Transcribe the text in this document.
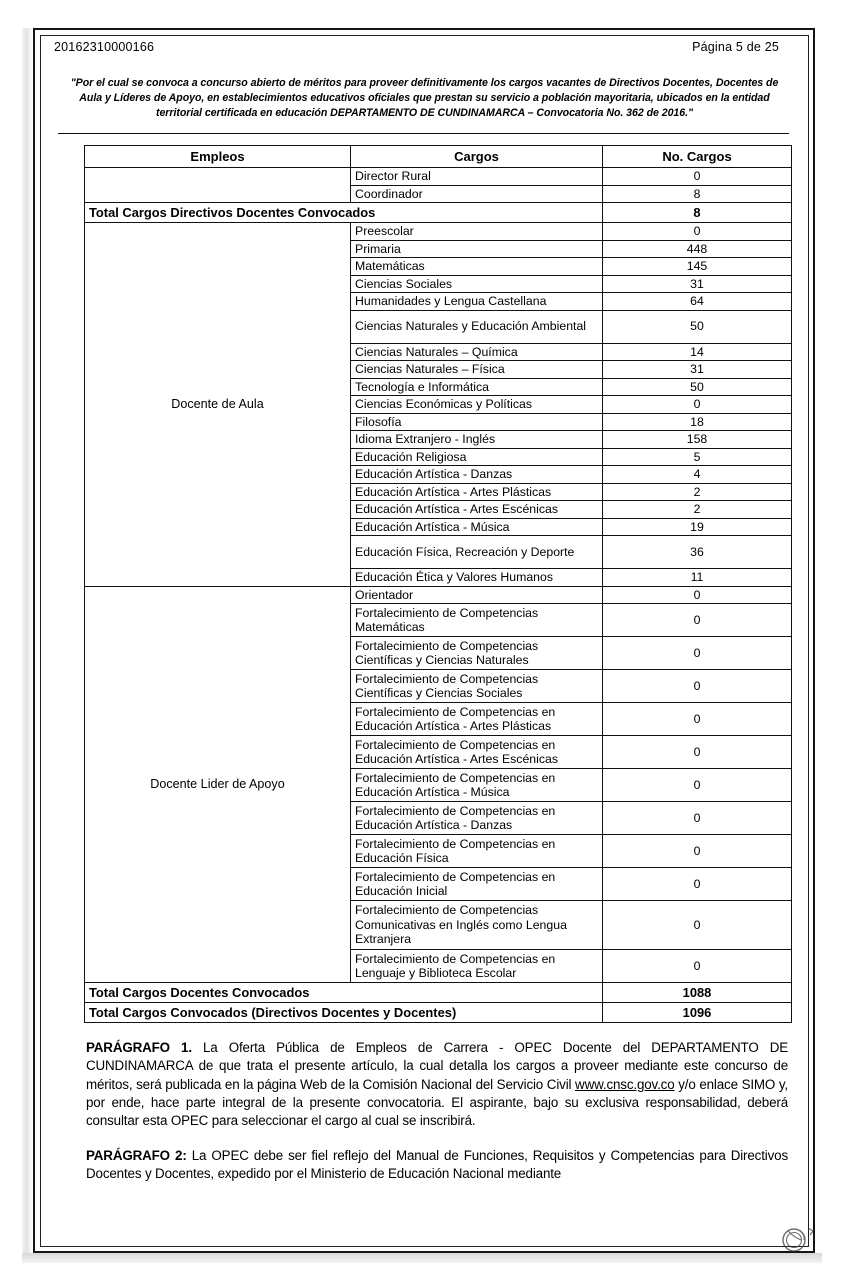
20162310000166	Página 5 de 25
"Por el cual se convoca a concurso abierto de méritos para proveer definitivamente los cargos vacantes de Directivos Docentes, Docentes de Aula y Líderes de Apoyo, en establecimientos educativos oficiales que prestan su servicio a población mayoritaria, ubicados en la entidad territorial certificada en educación DEPARTAMENTO DE CUNDINAMARCA – Convocatoria No. 362 de 2016."
Empleos	Cargos	No. Cargos
	Director Rural	0
	Coordinador	8
Total Cargos Directivos Docentes Convocados		8
Docente de Aula	Preescolar	0
	Primaria	448
	Matemáticas	145
	Ciencias Sociales	31
	Humanidades y Lengua Castellana	64
	Ciencias Naturales y Educación Ambiental	50
	Ciencias Naturales – Química	14
	Ciencias Naturales – Física	31
	Tecnología e Informática	50
	Ciencias Económicas y Políticas	0
	Filosofía	18
	Idioma Extranjero - Inglés	158
	Educación Religiosa	5
	Educación Artística - Danzas	4
	Educación Artística - Artes Plásticas	2
	Educación Artística - Artes Escénicas	2
	Educación Artística - Música	19
	Educación Física, Recreación y Deporte	36
	Educación Ética y Valores Humanos	11
Docente Lider de Apoyo	Orientador	0
	Fortalecimiento de Competencias Matemáticas	0
	Fortalecimiento de Competencias Científicas y Ciencias Naturales	0
	Fortalecimiento de Competencias Científicas y Ciencias Sociales	0
	Fortalecimiento de Competencias en Educación Artística - Artes Plásticas	0
	Fortalecimiento de Competencias en Educación Artística - Artes Escénicas	0
	Fortalecimiento de Competencias en Educación Artística - Música	0
	Fortalecimiento de Competencias en Educación Artística - Danzas	0
	Fortalecimiento de Competencias en Educación Física	0
	Fortalecimiento de Competencias en Educación Inicial	0
	Fortalecimiento de Competencias Comunicativas en Inglés como Lengua Extranjera	0
	Fortalecimiento de Competencias en Lenguaje y Biblioteca Escolar	0
Total Cargos Docentes Convocados		1088
Total Cargos Convocados (Directivos Docentes y Docentes)		1096
PARÁGRAFO 1. La Oferta Pública de Empleos de Carrera - OPEC Docente del DEPARTAMENTO DE CUNDINAMARCA de que trata el presente artículo, la cual detalla los cargos a proveer mediante este concurso de méritos, será publicada en la página Web de la Comisión Nacional del Servicio Civil www.cnsc.gov.co y/o enlace SIMO y, por ende, hace parte integral de la presente convocatoria. El aspirante, bajo su exclusiva responsabilidad, deberá consultar esta OPEC para seleccionar el cargo al cual se inscribirá.
PARÁGRAFO 2: La OPEC debe ser fiel reflejo del Manual de Funciones, Requisitos y Competencias para Directivos Docentes y Docentes, expedido por el Ministerio de Educación Nacional mediante
